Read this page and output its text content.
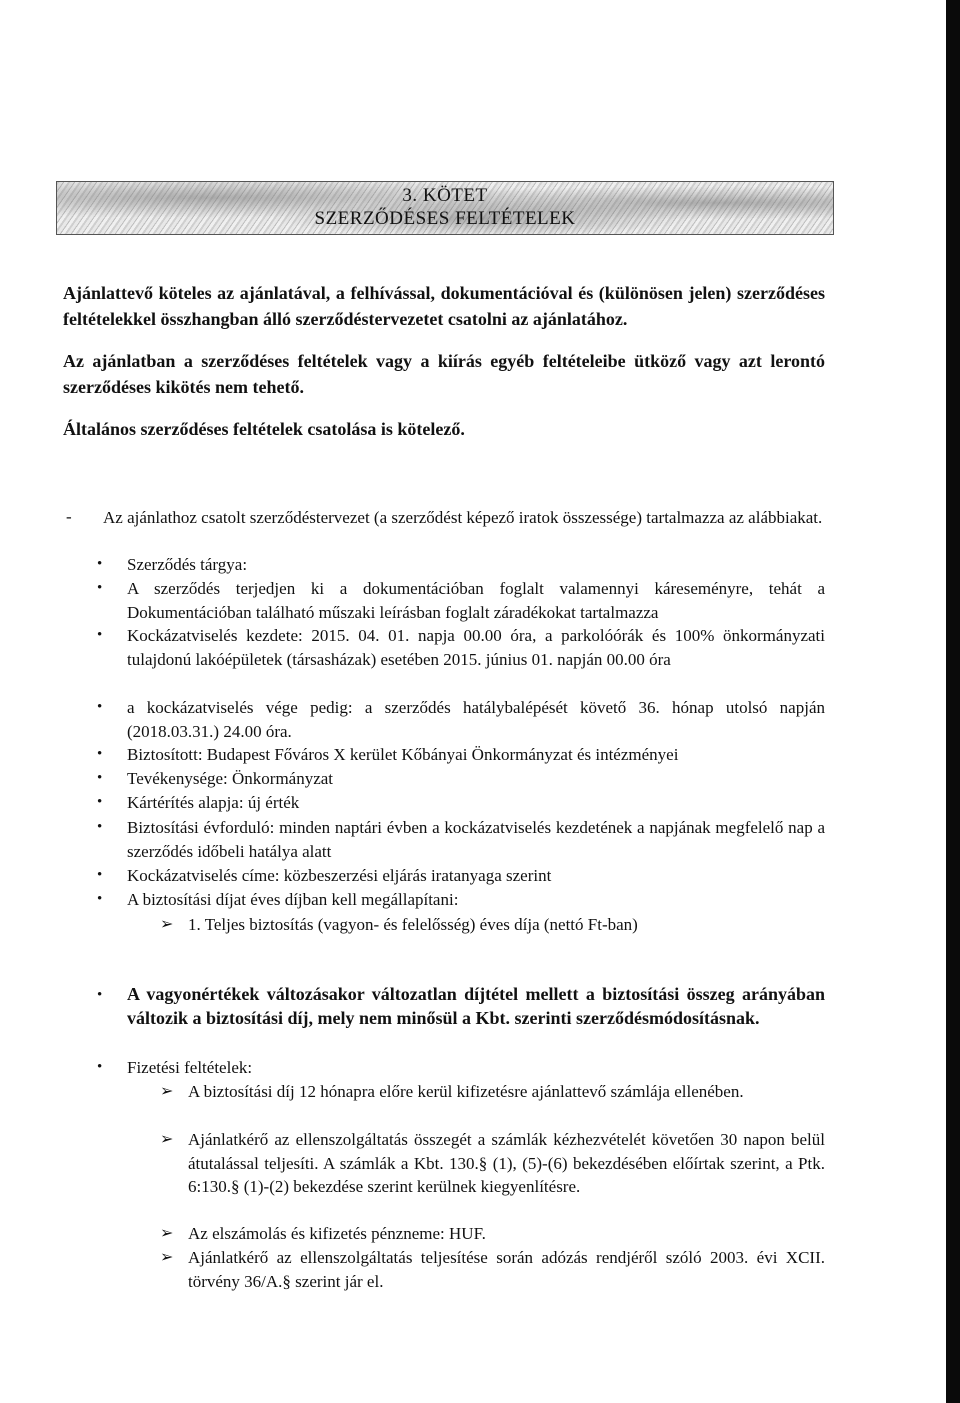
3. KÖTET
SZERZŐDÉSES FELTÉTELEK

Ajánlattevő köteles az ajánlatával, a felhívással, dokumentációval és (különösen jelen) szerződéses feltételekkel összhangban álló szerződéstervezetet csatolni az ajánlatához.

Az ajánlatban a szerződéses feltételek vagy a kiírás egyéb feltételeibe ütköző vagy azt lerontó szerződéses kikötés nem tehető.

Általános szerződéses feltételek csatolása is kötelező.

- Az ajánlathoz csatolt szerződéstervezet (a szerződést képező iratok összessége) tartalmazza az alábbiakat.

• Szerződés tárgya:

• A szerződés terjedjen ki a dokumentációban foglalt valamennyi káreseményre, tehát a Dokumentációban található műszaki leírásban foglalt záradékokat tartalmazza

• Kockázatviselés kezdete: 2015. 04. 01. napja 00.00 óra, a parkolóórák és 100% önkormányzati tulajdonú lakóépületek (társasházak) esetében 2015. június 01. napján 00.00 óra

• a kockázatviselés vége pedig: a szerződés hatálybalépését követő 36. hónap utolsó napján (2018.03.31.) 24.00 óra.

• Biztosított: Budapest Főváros X kerület Kőbányai Önkormányzat és intézményei

• Tevékenysége: Önkormányzat

• Kártérítés alapja: új érték

• Biztosítási évforduló: minden naptári évben a kockázatviselés kezdetének a napjának megfelelő nap a szerződés időbeli hatálya alatt

• Kockázatviselés címe: közbeszerzési eljárás iratanyaga szerint

• A biztosítási díjat éves díjban kell megállapítani:

➢ 1. Teljes biztosítás (vagyon- és felelősség) éves díja (nettó Ft-ban)

• A vagyonértékek változásakor változatlan díjtétel mellett a biztosítási összeg arányában változik a biztosítási díj, mely nem minősül a Kbt. szerinti szerződésmódosításnak.

• Fizetési feltételek:

➢ A biztosítási díj 12 hónapra előre kerül kifizetésre ajánlattevő számlája ellenében.

➢ Ajánlatkérő az ellenszolgáltatás összegét a számlák kézhezvételét követően 30 napon belül átutalással teljesíti. A számlák a Kbt. 130.§ (1), (5)-(6) bekezdésében előírtak szerint, a Ptk. 6:130.§ (1)-(2) bekezdése szerint kerülnek kiegyenlítésre.

➢ Az elszámolás és kifizetés pénzneme: HUF.

➢ Ajánlatkérő az ellenszolgáltatás teljesítése során adózás rendjéről szóló 2003. évi XCII. törvény 36/A.§ szerint jár el.
